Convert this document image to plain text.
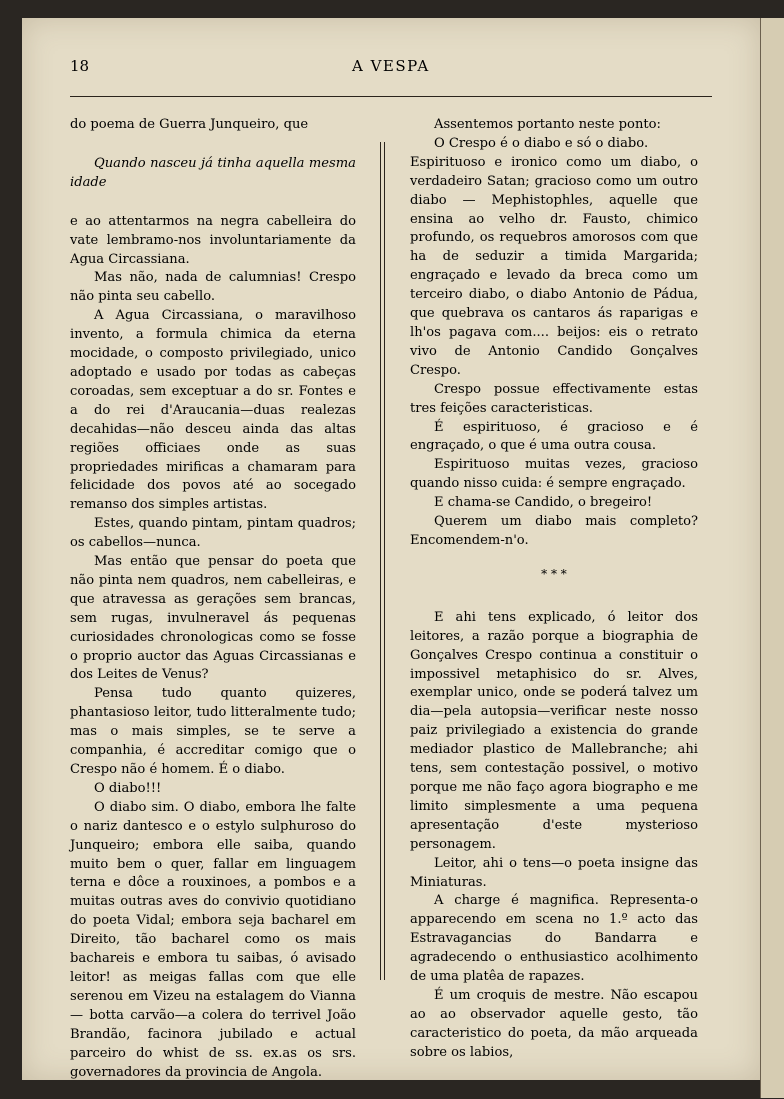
18	A VESPA

do poema de Guerra Junqueiro, que

Quando nasceu já tinha aquella mesma idade

e ao attentarmos na negra cabelleira do vate lembramo-nos involuntariamente da Agua Circassiana.

Mas não, nada de calumnias! Crespo não pinta seu cabello.

A Agua Circassiana, o maravilhoso invento, a formula chimica da eterna mocidade, o composto privilegiado, unico adoptado e usado por todas as cabeças coroadas, sem exceptuar a do sr. Fontes e a do rei d'Araucania—duas realezas decahidas—não desceu ainda das altas regiões officiaes onde as suas propriedades mirificas a chamaram para felicidade dos povos até ao socegado remanso dos simples artistas.

Estes, quando pintam, pintam quadros; os cabellos—nunca.

Mas então que pensar do poeta que não pinta nem quadros, nem cabelleiras, e que atravessa as gerações sem brancas, sem rugas, invulneravel ás pequenas curiosidades chronologicas como se fosse o proprio auctor das Aguas Circassianas e dos Leites de Venus?

Pensa tudo quanto quizeres, phantasioso leitor, tudo litteralmente tudo; mas o mais simples, se te serve a companhia, é accreditar comigo que o Crespo não é homem. É o diabo.

O diabo!!!

O diabo sim. O diabo, embora lhe falte o nariz dantesco e o estylo sulphuroso do Junqueiro; embora elle saiba, quando muito bem o quer, fallar em linguagem terna e dôce a rouxinoes, a pombos e a muitas outras aves do convivio quotidiano do poeta Vidal; embora seja bacharel em Direito, tão bacharel como os mais bachareis e embora tu saibas, ó avisado leitor! as meigas fallas com que elle serenou em Vizeu na estalagem do Vianna— botta carvão—a colera do terrivel João Brandão, facinora jubilado e actual parceiro do whist de ss. ex.as os srs. governadores da provincia de Angola.

Assentemos portanto neste ponto:

O Crespo é o diabo e só o diabo.

Espirituoso e ironico como um diabo, o verdadeiro Satan; gracioso como um outro diabo — Mephistophles, aquelle que ensina ao velho dr. Fausto, chimico profundo, os requebros amorosos com que ha de seduzir a timida Margarida; engraçado e levado da breca como um terceiro diabo, o diabo Antonio de Pádua, que quebrava os cantaros ás raparigas e lh'os pagava com.... beijos: eis o retrato vivo de Antonio Candido Gonçalves Crespo.

Crespo possue effectivamente estas tres feições caracteristicas.

É espirituoso, é gracioso e é engraçado, o que é uma outra cousa.

Espirituoso muitas vezes, gracioso quando nisso cuida: é sempre engraçado.

E chama-se Candido, o bregeiro!

Querem um diabo mais completo? Encomendem-n'o.

* * *

E ahi tens explicado, ó leitor dos leitores, a razão porque a biographia de Gonçalves Crespo continua a constituir o impossivel metaphisico do sr. Alves, exemplar unico, onde se poderá talvez um dia—pela autopsia—verificar neste nosso paiz privilegiado a existencia do grande mediador plastico de Mallebranche; ahi tens, sem contestação possivel, o motivo porque me não faço agora biographo e me limito simplesmente a uma pequena apresentação d'este mysterioso personagem.

Leitor, ahi o tens—o poeta insigne das Miniaturas.

A charge é magnifica. Representa-o apparecendo em scena no 1.º acto das Estravagancias do Bandarra e agradecendo o enthusiastico acolhimento de uma platêa de rapazes.

É um croquis de mestre. Não escapou ao ao observador aquelle gesto, tão caracteristico do poeta, da mão arqueada sobre os labios,
